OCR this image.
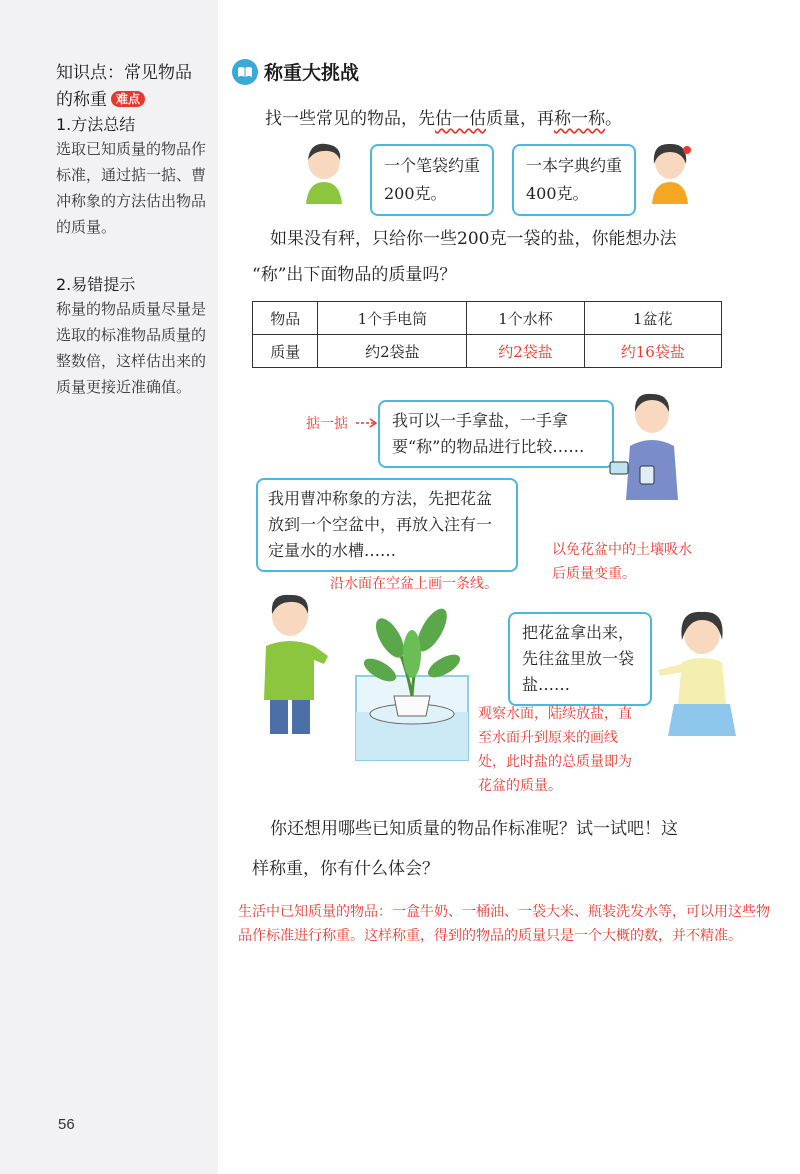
知识点：常见物品的称重 难点
1.方法总结
选取已知质量的物品作标准，通过掂一掂、曹冲称象的方法估出物品的质量。
2.易错提示
称量的物品质量尽量是选取的标准物品质量的整数倍，这样估出来的质量更接近准确值。
56
称重大挑战
找一些常见的物品，先估一估质量，再称一称。
一个笔袋约重200克。
一本字典约重400克。
如果没有秤，只给你一些200克一袋的盐，你能想办法
“称”出下面物品的质量吗？
物品	1个手电筒	1个水杯	1盆花
质量	约2袋盐	约2袋盐	约16袋盐
掂一掂	我可以一手拿盐，一手拿要“称”的物品进行比较……
我用曹冲称象的方法，先把花盆放到一个空盆中，再放入注有一定量水的水槽……	以免花盆中的土壤吸水后质量变重。
沿水面在空盆上画一条线。
把花盆拿出来，先往盆里放一袋盐……
观察水面，陆续放盐，直至水面升到原来的画线处，此时盐的总质量即为花盆的质量。
你还想用哪些已知质量的物品作标准呢？试一试吧！这
样称重，你有什么体会？
生活中已知质量的物品：一盒牛奶、一桶油、一袋大米、瓶装洗发水等，可以用这些物品作标准进行称重。这样称重，得到的物品的质量只是一个大概的数，并不精准。
